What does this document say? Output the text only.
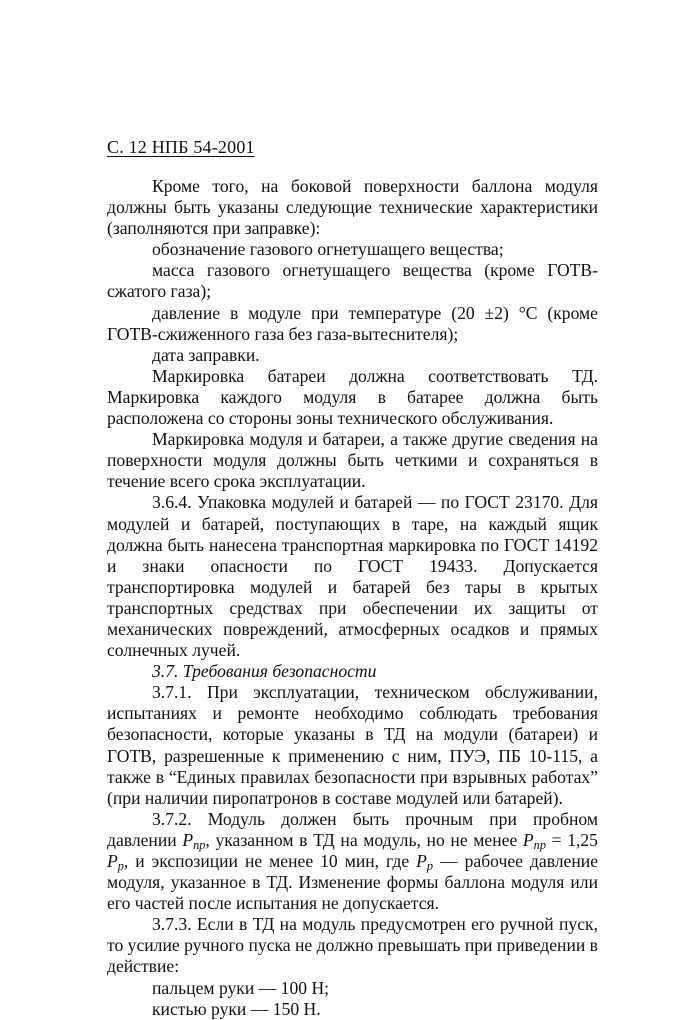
С. 12 НПБ 54-2001

Кроме того, на боковой поверхности баллона модуля должны быть указаны следующие технические характеристики (заполняются при заправке):

обозначение газового огнетушащего вещества;

масса газового огнетушащего вещества (кроме ГОТВ-сжатого газа);

давление в модуле при температуре (20 ±2) °С (кроме ГОТВ-сжиженного газа без газа-вытеснителя);

дата заправки.

Маркировка батареи должна соответствовать ТД. Маркировка каждого модуля в батарее должна быть расположена со стороны зоны технического обслуживания.

Маркировка модуля и батареи, а также другие сведения на поверхности модуля должны быть четкими и сохраняться в течение всего срока эксплуатации.

3.6.4. Упаковка модулей и батарей — по ГОСТ 23170. Для модулей и батарей, поступающих в таре, на каждый ящик должна быть нанесена транспортная маркировка по ГОСТ 14192 и знаки опасности по ГОСТ 19433. Допускается транспортировка модулей и батарей без тары в крытых транспортных средствах при обеспечении их защиты от механических повреждений, атмосферных осадков и прямых солнечных лучей.

3.7. Требования безопасности

3.7.1. При эксплуатации, техническом обслуживании, испытаниях и ремонте необходимо соблюдать требования безопасности, которые указаны в ТД на модули (батареи) и ГОТВ, разрешенные к применению с ним, ПУЭ, ПБ 10-115, а также в “Единых правилах безопасности при взрывных работах” (при наличии пиропатронов в составе модулей или батарей).

3.7.2. Модуль должен быть прочным при пробном давлении $Р_{пр}$, указанном в ТД на модуль, но не менее $Р_{пр} = 1,25$ $Р_р$, и экспозиции не менее 10 мин, где $Р_р$ — рабочее давление модуля, указанное в ТД. Изменение формы баллона модуля или его частей после испытания не допускается.

3.7.3. Если в ТД на модуль предусмотрен его ручной пуск, то усилие ручного пуска не должно превышать при приведении в действие:

пальцем руки — 100 Н;

кистью руки — 150 Н.
